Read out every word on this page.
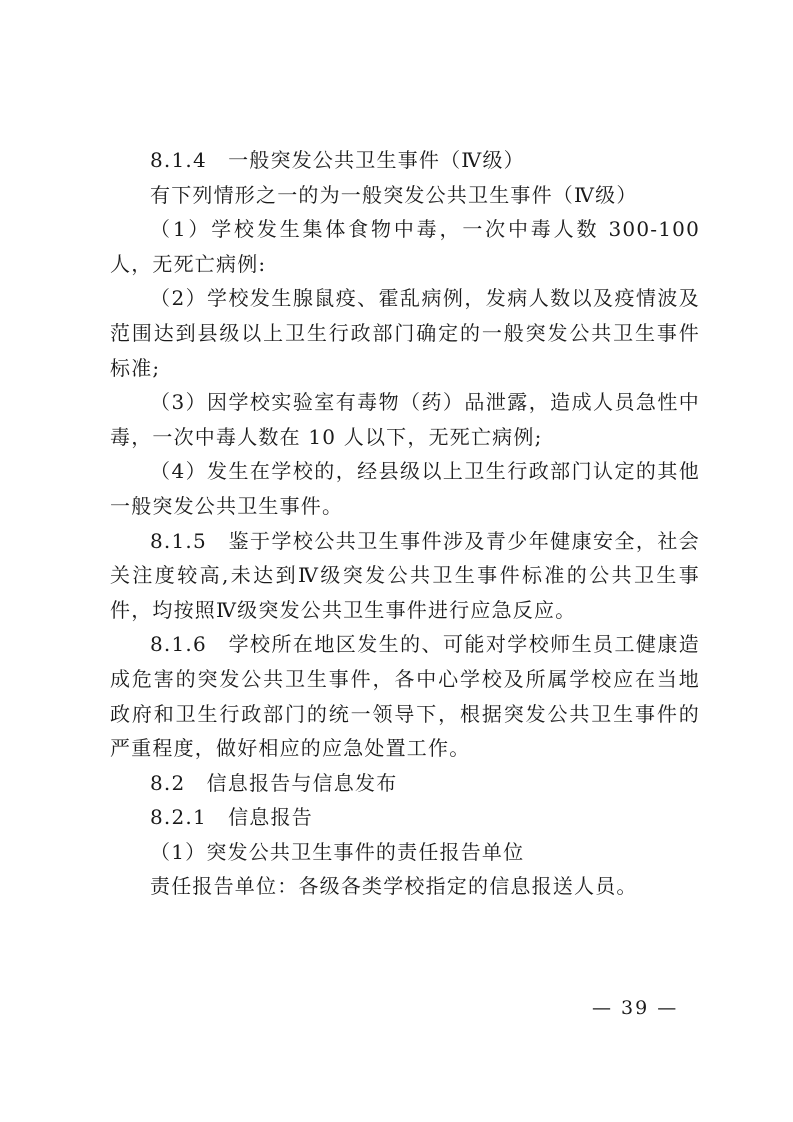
8.1.4　一般突发公共卫生事件（Ⅳ级）

有下列情形之一的为一般突发公共卫生事件（Ⅳ级）

（1）学校发生集体食物中毒，一次中毒人数 300-100 人，无死亡病例:

（2）学校发生腺鼠疫、霍乱病例，发病人数以及疫情波及范围达到县级以上卫生行政部门确定的一般突发公共卫生事件标准;

（3）因学校实验室有毒物（药）品泄露，造成人员急性中毒，一次中毒人数在 10 人以下，无死亡病例;

（4）发生在学校的，经县级以上卫生行政部门认定的其他一般突发公共卫生事件。

8.1.5　鉴于学校公共卫生事件涉及青少年健康安全，社会关注度较高,未达到Ⅳ级突发公共卫生事件标准的公共卫生事件，均按照Ⅳ级突发公共卫生事件进行应急反应。

8.1.6　学校所在地区发生的、可能对学校师生员工健康造成危害的突发公共卫生事件，各中心学校及所属学校应在当地政府和卫生行政部门的统一领导下，根据突发公共卫生事件的严重程度，做好相应的应急处置工作。

8.2　信息报告与信息发布

8.2.1　信息报告

（1）突发公共卫生事件的责任报告单位

责任报告单位：各级各类学校指定的信息报送人员。

— 39 —
